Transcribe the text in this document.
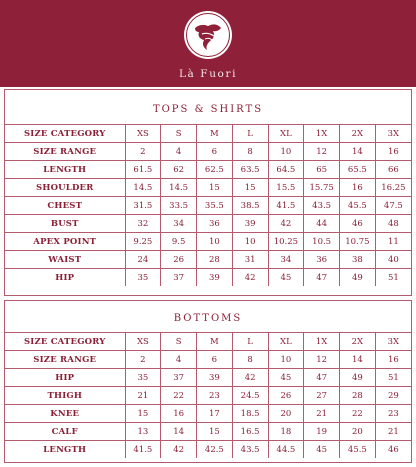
Là Fuori
TOPS & SHIRTS
SIZE CATEGORY	XS	S	M	L	XL	1X	2X	3X
SIZE RANGE	2	4	6	8	10	12	14	16
LENGTH	61.5	62	62.5	63.5	64.5	65	65.5	66
SHOULDER	14.5	14.5	15	15	15.5	15.75	16	16.25
CHEST	31.5	33.5	35.5	38.5	41.5	43.5	45.5	47.5
BUST	32	34	36	39	42	44	46	48
APEX POINT	9.25	9.5	10	10	10.25	10.5	10.75	11
WAIST	24	26	28	31	34	36	38	40
HIP	35	37	39	42	45	47	49	51
BOTTOMS
SIZE CATEGORY	XS	S	M	L	XL	1X	2X	3X
SIZE RANGE	2	4	6	8	10	12	14	16
HIP	35	37	39	42	45	47	49	51
THIGH	21	22	23	24.5	26	27	28	29
KNEE	15	16	17	18.5	20	21	22	23
CALF	13	14	15	16.5	18	19	20	21
LENGTH	41.5	42	42.5	43.5	44.5	45	45.5	46
